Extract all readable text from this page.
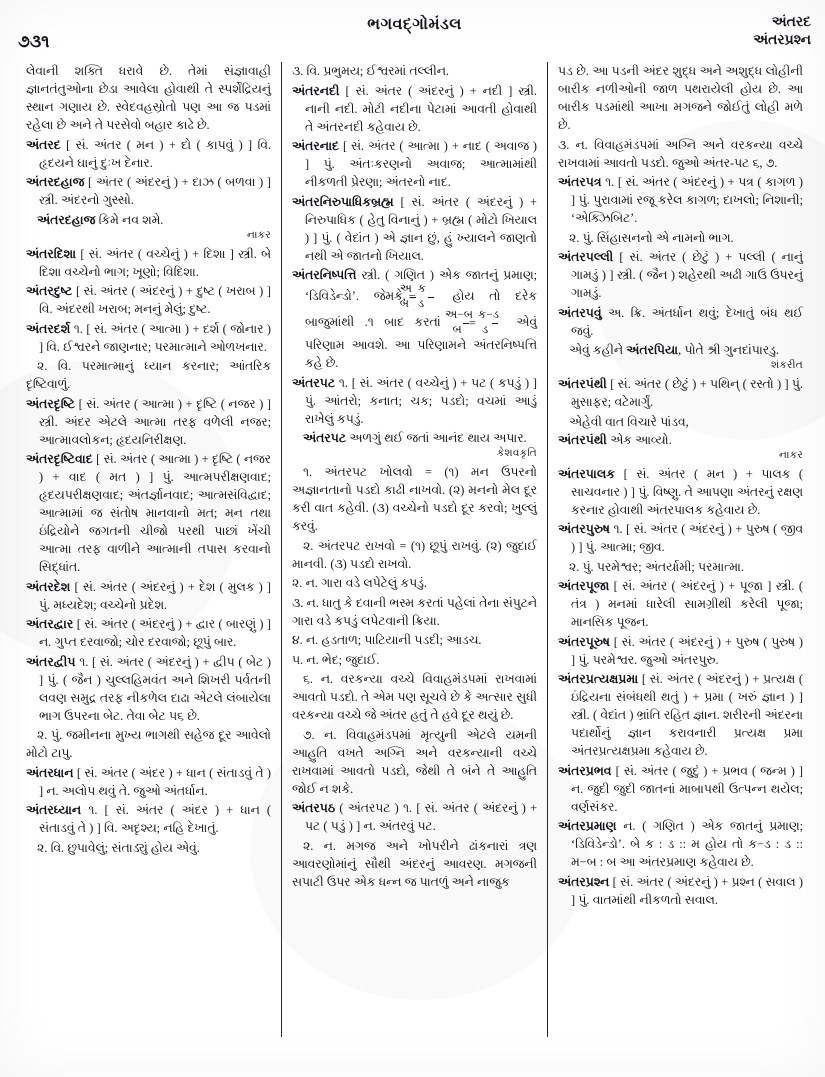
૭૩૧
ભગવદ્ગોમંડલ	અંતરદ
અંતરપ્રશ્ન

લેવાની શક્તિ ધરાવે છે. તેમાં સંજ્ઞાવાહી જ્ઞાનતંતુઓના છેડા આવેલા હોવાથી તે સ્પર્શેંદ્રિયનું સ્થાન ગણાય છે. સ્વેદવહસ્રોતો પણ આ જ પડમાં રહેલા છે અને તે પરસેવો બહાર કાઢે છે.

અંતરદ [ સં. અંતર ( મન ) + દો ( કાપવું ) ] વિ. હૃદયને ઘાનું દુઃખ દેનાર.

અંતરદહાજ [ અંતર ( અંદરનું ) + દાઝ ( બળવા ) ] સ્ત્રી. અંદરનો ગુસ્સો.

અંતરદહાજ કિમે નવ શમે.
નાકર

અંતરદિશા [ સં. અંતર ( વચ્ચેનું ) + દિશા ] સ્ત્રી. બે દિશા વચ્ચેનો ભાગ; ખૂણો; વિદિશા.

અંતરદુષ્ટ [ સં. અંતર ( અંદરનું ) + દુષ્ટ ( ખરાબ ) ] વિ. અંદરથી ખરાબ; મનનું મેલું; દુષ્ટ.

અંતરદર્શ ૧. [ સં. અંતર ( આત્મા ) + દર્શ ( જોનાર ) ] વિ. ઈશ્વરને જાણનાર; પરમાત્માને ઓળખનાર.

૨. વિ. પરમાત્માનું ધ્યાન કરનાર; આંતરિક દૃષ્ટિવાળું.

અંતરદૃષ્ટિ [ સં. અંતર ( આત્મા ) + દૃષ્ટિ ( નજર ) ] સ્ત્રી. અંદર એટલે આત્મા તરફ વળેલી નજર; આત્માવલોકન; હૃદયનિરીક્ષણ.

અંતરદૃષ્ટિવાદ [ સં. અંતર ( આત્મા ) + દૃષ્ટિ ( નજર ) + વાદ ( મત ) ] પું. આત્મપરીક્ષણવાદ; હૃદયપરીક્ષણવાદ; અંતર્જ્ઞાનવાદ; આત્મસંવિદ્વાદ; આત્મામાં જ સંતોષ માનવાનો મત; મન તથા ઇંદ્રિયોને જગતની ચીજો પરથી પાછાં ખેંચી આત્મા તરફ વાળીને આત્માની તપાસ કરવાનો સિદ્ધાંત.

અંતરદેશ [ સં. અંતર ( અંદરનું ) + દેશ ( મુલક ) ] પું. મધ્યદેશ; વચ્ચેનો પ્રદેશ.

અંતરદ્વાર [ સં. અંતર ( અંદરનું ) + દ્વાર ( બારણું ) ] ન. ગુપ્ત દરવાજો; ચોર દરવાજો; છૂપું બાર.

અંતરદ્વીપ ૧. [ સં. અંતર ( અંદરનું ) + દ્વીપ ( બેટ ) ] પું. ( જૈન ) ચુલ્લહિમવંત અને શિખરી પર્વતની લવણ સમુદ્ર તરફ નીકળેલ દાઢા એટલે લંબાયેલા ભાગ ઉપરના બેટ. તેવા બેટ ૫૬ છે.

૨. પું. જમીનના મુખ્ય ભાગથી સહેજ દૂર આવેલો મોટો ટાપુ.

અંતરધાન [ સં. અંતર ( અંદર ) + ધાન ( સંતાડવું તે ) ] ન. અલોપ થવું તે. જુઓ અંતર્ધાન.

અંતરધ્યાન ૧. [ સં. અંતર ( અંદર ) + ધાન ( સંતાડવું તે ) ] વિ. અદૃશ્ય; નહિ દેખાતું.

૨. વિ. છુપાવેલું; સંતાડ્યું હોય એવું.

૩. વિ. પ્રભુમય; ઈશ્વરમાં તલ્લીન.

અંતરનદી [ સં. અંતર ( અંદરનું ) + નદી ] સ્ત્રી. નાની નદી. મોટી નદીના પેટામાં આવતી હોવાથી તે અંતરનદી કહેવાય છે.

અંતરનાદ [ સં. અંતર ( આત્મા ) + નાદ ( અવાજ ) ] પું. અંતઃકરણનો અવાજ; આત્મામાંથી નીકળતી પ્રેરણા; અંતરનો નાદ.

અંતરનિરુપાધિકબ્રહ્મ [ સં. અંતર ( અંદરનું ) + નિરુપાધિક ( હેતુ વિનાનું ) + બ્રહ્મ ( મોટો ખિયાલ ) ] પું. ( વેદાંત ) એ જ્ઞાન છું, હું ખ્યાલને જાણતો નથી એ જાતનો ખિયાલ.

અંતરનિષ્પત્તિ સ્ત્રી. ( ગણિત ) એક જાતનું પ્રમાણ; ‘ડિવિડેન્ડો’. જેમકે, $\frac{\text{અ}}{\text{બ}}$
=	$\frac{\text{ક}}{\text{ડ}}$ હોય તો દરેક બાજુમાંથી .૧ બાદ કરતાં $\frac{\text{અ−બ}}{\text{બ}}$
=	$\frac{\text{ક−ડ}}{\text{ડ}}$ એવું પરિણામ આવશે. આ પરિણામને અંતરનિષ્પત્તિ કહે છે.

અંતરપટ ૧. [ સં. અંતર ( વચ્ચેનું ) + પટ ( કપડું ) ] પું. આંતરો; કનાત; ચક; પડદો; વચમાં આડું રાખેલું કપડું.

અંતરપટ અળગું થઈ જતાં આનંદ થાય અપાર.
કેશવકૃતિ

૧. અંતરપટ ખોલવો = (૧) મન ઉપરનો અજ્ઞાનતાનો પડદો કાઢી નાખવો. (૨) મનનો મેલ દૂર કરી વાત કહેવી. (૩) વચ્ચેનો પડદો દૂર કરવો; ખુલ્લું કરવું.

૨. અંતરપટ રાખવો = (૧) છૂપું રાખવું. (૨) જુદાઈ માનવી. (૩) પડદો રાખવો.

૨. ન. ગારા વડે લપેટેલું કપડું.

૩. ન. ધાતુ કે દવાની ભસ્મ કરતાં પહેલાં તેના સંપુટને ગારા વડે કપડું લપેટવાની ક્રિયા.

૪. ન. હડતાળ; પાટિયાની પડદી; આડચ.

૫. ન. ભેદ; જુદાઈ.

૬. ન. વરકન્યા વચ્ચે વિવાહમંડપમાં રાખવામાં આવતો પડદો. તે એમ પણ સૂચવે છે કે અત્સાર સુધી વરકન્યા વચ્ચે જે અંતર હતું તે હવે દૂર થયું છે.

૭. ન. વિવાહમંડપમાં મૃત્યુની એટલે યમની આહુતિ વખતે અગ્નિ અને વરકન્યાની વચ્ચે રાખવામાં આવતો પડદો, જેથી તે બંને તે આહુતિ જોઈ ન શકે.

અંતરપઠ ( અંતરપટ ) ૧. [ સં. અંતર ( અંદરનું ) + પટ ( પડું ) ] ન. અંતરવું પટ.

૨. ન. મગજ અને ખોપરીને ઢાંકનારાં ત્રણ આવરણોમાંનું સૌથી અંદરનું આવરણ. મગજની સપાટી ઉપર એક ધન્ન જ પાતળું અને નાજુક

પડ છે. આ પડની અંદર શુદ્ધ અને અશુદ્ધ લોહીની બારીક નળીઓની જાળ પથરાયેલી હોય છે. આ બારીક પડમાંથી આખા મગજને જોઈતું લોહી મળે છે.

૩. ન. વિવાહમંડપમાં અગ્નિ અને વરકન્યા વચ્ચે રાખવામાં આવતો પડદો. જુઓ અંતર-પટ ૬, ૭.

અંતરપત્ર ૧. [ સં. અંતર ( અંદરનું ) + પત્ર ( કાગળ ) ] પું. પુરાવામાં રજૂ કરેલ કાગળ; દાખલો; નિશાની; ‘એક્ઝિબિટ’.

૨. પું. સિંહાસનનો એ નામનો ભાગ.

અંતરપલ્લી [ સં. અંતર ( છેટું ) + પલ્લી ( નાનું ગામડું ) ] સ્ત્રી. ( જૈન ) શહેરથી અઢી ગાઉ ઉપરનું ગામડું.

અંતરપવું અ. ક્રિ. અંતર્ધાન થવું; દેખાતું બંધ થઈ જવું.

એવું કહીને અંતરપિયા, પોતે શ્રી ગુનદાંપારડુ.
શંકરીત

અંતરપંથી [ સં. અંતર ( છેટું ) + પથિન્ ( રસ્તો ) ] પું. મુસાફર; વટેમાર્ગું.

એહેવી વાત વિચારે પાંડવ,
અંતરપંથી એક આવ્યો.
નાકર

અંતરપાલક [ સં. અંતર ( મન ) + પાલક ( સાચવનાર ) ] પું. વિષ્ણુ. તે આપણા અંતરનું રક્ષણ કરનાર હોવાથી અંતરપાલક કહેવાય છે.

અંતરપુરુષ ૧. [ સં. અંતર ( અંદરનું ) + પુરુષ ( જીવ ) ] પું. આત્મા; જીવ.

૨. પું. પરમેશ્વર; અંતર્યામી; પરમાત્મા.

અંતરપૂજા [ સં. અંતર ( અંદરનું ) + પૂજા ] સ્ત્રી. ( તંત્ર ) મનમાં ધારેલી સામગ્રીથી કરેલી પૂજા; માનસિક પૂજન.

અંતરપૂરુષ [ સં. અંતર ( અંદરનું ) + પુરુષ ( પુરુષ ) ] પું. પરમેશ્વર. જુઓ અંતરપુરુ.

અંતરપ્રત્યક્ષપ્રમા [ સં. અંતર ( અંદરનું ) + પ્રત્યક્ષ ( ઇંદ્રિયના સંબંધથી થતું ) + પ્રમા ( ખરું જ્ઞાન ) ] સ્ત્રી. ( વેદાંત ) ભ્રાંતિ રહિત જ્ઞાન. શરીરની અંદરના પદાર્થોનું જ્ઞાન કરાવનારી પ્રત્યક્ષ પ્રમા અંતરપ્રત્યક્ષપ્રમા કહેવાય છે.

અંતરપ્રભવ [ સં. અંતર ( જુદું ) + પ્રભવ ( જન્મ ) ] ન. જુદી જુદી જાતનાં માબાપથી ઉત્પન્ન થયેલ; વર્ણસંકર.

અંતરપ્રમાણ ન. ( ગણિત ) એક જાતનું પ્રમાણ; ‘ડિવિડેન્ડો’. બે ક : ડ :: મ હોય તો ક−ડ : ડ :: મ−બ : બ આ અંતરપ્રમાણ કહેવાય છે.

અંતરપ્રશ્ન [ સં. અંતર ( અંદરનું ) + પ્રશ્ન ( સવાલ ) ] પું. વાતમાંથી નીકળતો સવાલ.
